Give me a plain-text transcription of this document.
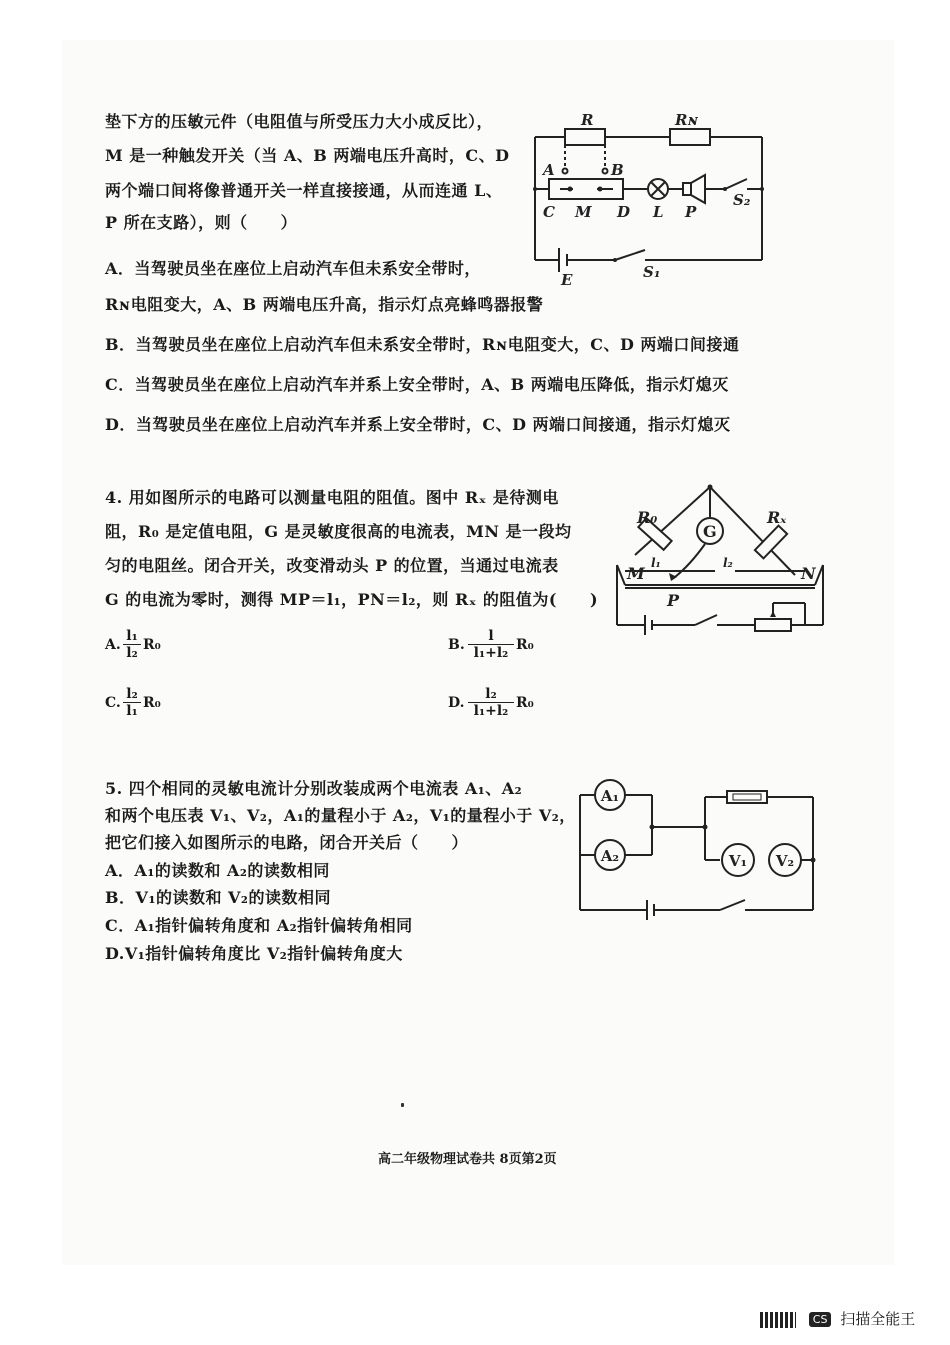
垫下方的压敏元件（电阻值与所受压力大小成反比），
M 是一种触发开关（当 A、B 两端电压升高时，C、D
两个端口间将像普通开关一样直接接通，从而连通 L、
P 所在支路），则（　　）
A．当驾驶员坐在座位上启动汽车但未系安全带时，
Rɴ电阻变大，A、B 两端电压升高，指示灯点亮蜂鸣器报警
B．当驾驶员坐在座位上启动汽车但未系安全带时，Rɴ电阻变大，C、D 两端口间接通
C．当驾驶员坐在座位上启动汽车并系上安全带时，A、B 两端电压降低，指示灯熄灭
D．当驾驶员坐在座位上启动汽车并系上安全带时，C、D 两端口间接通，指示灯熄灭
R	Rɴ
A	B
C M D L P
S₂
E	S₁
4. 用如图所示的电路可以测量电阻的阻值。图中 Rₓ 是待测电
阻，R₀ 是定值电阻，G 是灵敏度很高的电流表，MN 是一段均
匀的电阻丝。闭合开关，改变滑动头 P 的位置，当通过电流表
G 的电流为零时，测得 MP＝l₁，PN＝l₂，则 Rₓ 的阻值为(　　)
A. $\frac{\text{l₁}}{\text{l₂}} R_0$	B. $\frac{l}{\text{l₁+l₂}} R_0$
C. $\frac{\text{l₂}}{\text{l₁}} R_0$	D. $\frac{\text{l₂}}{\text{l₁+l₂}} R_0$
R₀	Rₓ
G
M	N
P
l₁	l₂
5. 四个相同的灵敏电流计分别改装成两个电流表 A₁、A₂
和两个电压表 V₁、V₂，A₁的量程小于 A₂，V₁的量程小于 V₂，
把它们接入如图所示的电路，闭合开关后（　　）
A．A₁的读数和 A₂的读数相同
B．V₁的读数和 V₂的读数相同
C．A₁指针偏转角度和 A₂指针偏转角相同
D.V₁指针偏转角度比 V₂指针偏转角度大
A₁
A₂	V₁ V₂
高二年级物理试卷共 8页第2页
CS 扫描全能王
